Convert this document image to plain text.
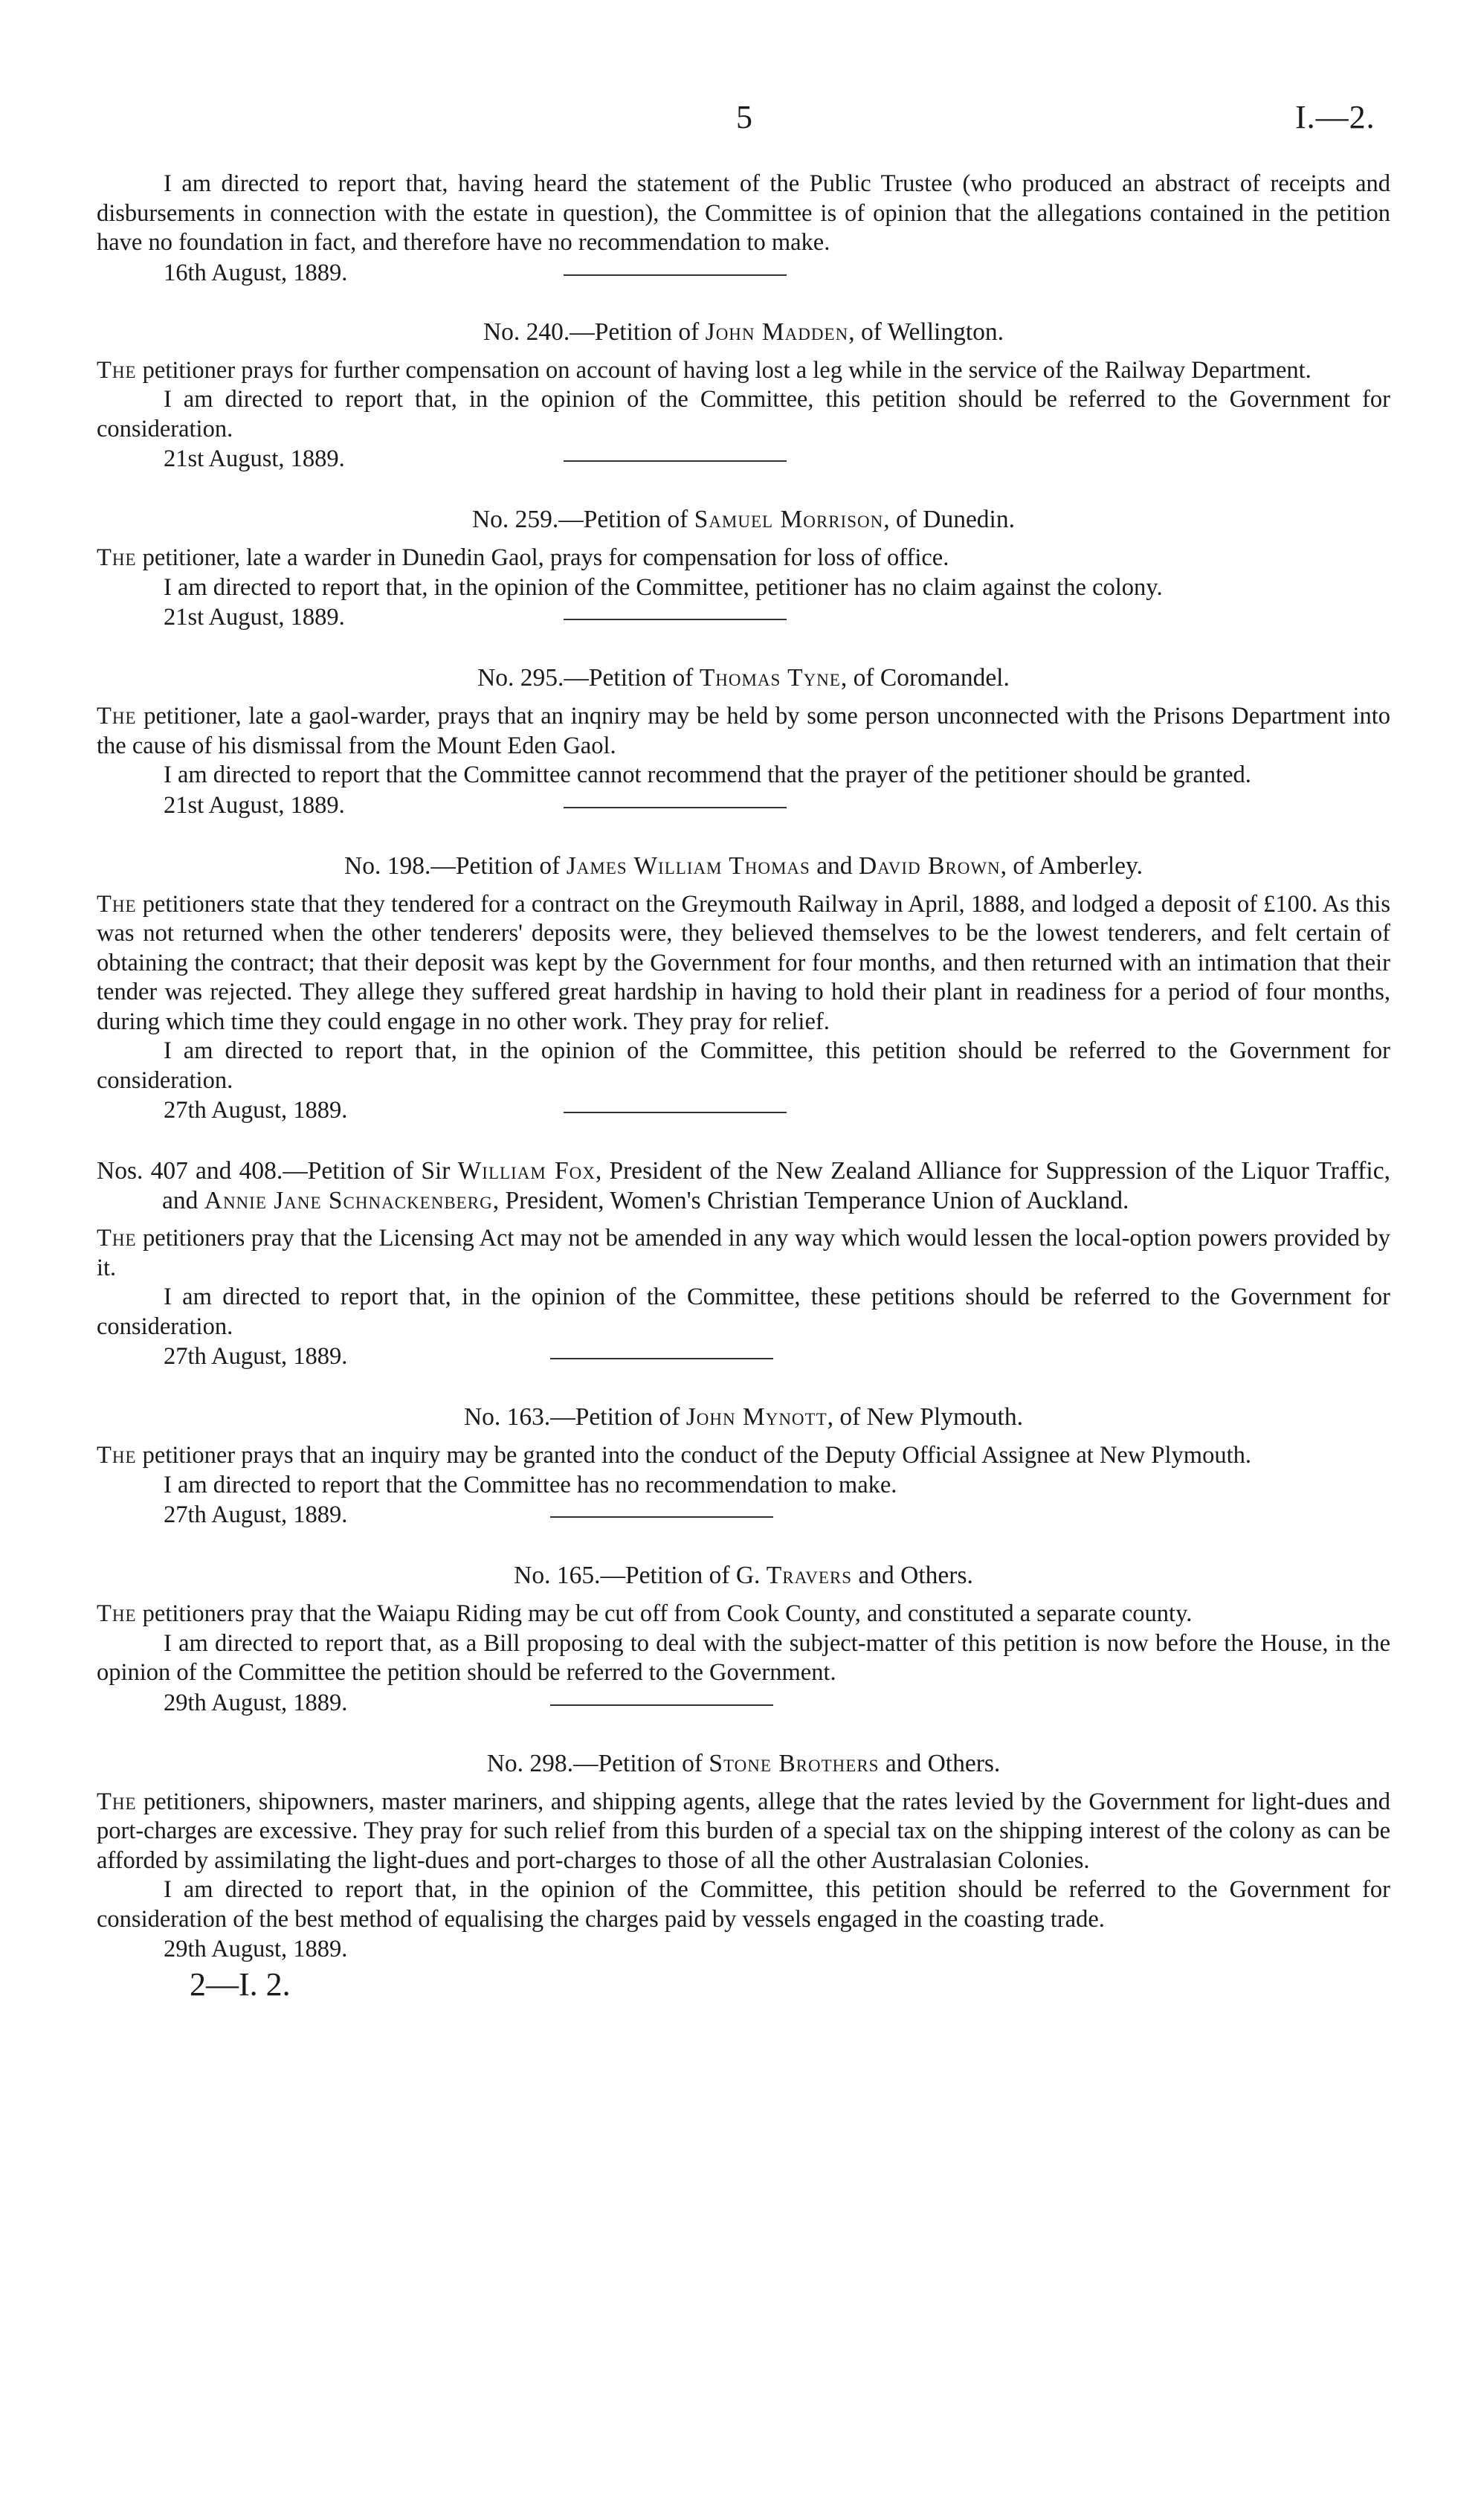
5	I.—2.

I am directed to report that, having heard the statement of the Public Trustee (who produced an abstract of receipts and disbursements in connection with the estate in question), the Committee is of opinion that the allegations contained in the petition have no foundation in fact, and therefore have no recommendation to make.

16th August, 1889.
No. 240.—Petition of John Madden, of Wellington.

The petitioner prays for further compensation on account of having lost a leg while in the service of the Railway Department.

I am directed to report that, in the opinion of the Committee, this petition should be referred to the Government for consideration.

21st August, 1889.
No. 259.—Petition of Samuel Morrison, of Dunedin.

The petitioner, late a warder in Dunedin Gaol, prays for compensation for loss of office.

I am directed to report that, in the opinion of the Committee, petitioner has no claim against the colony.

21st August, 1889.
No. 295.—Petition of Thomas Tyne, of Coromandel.

The petitioner, late a gaol-warder, prays that an inqniry may be held by some person unconnected with the Prisons Department into the cause of his dismissal from the Mount Eden Gaol.

I am directed to report that the Committee cannot recommend that the prayer of the petitioner should be granted.

21st August, 1889.
No. 198.—Petition of James William Thomas and David Brown, of Amberley.

The petitioners state that they tendered for a contract on the Greymouth Railway in April, 1888, and lodged a deposit of £100. As this was not returned when the other tenderers' deposits were, they believed themselves to be the lowest tenderers, and felt certain of obtaining the contract; that their deposit was kept by the Government for four months, and then returned with an intimation that their tender was rejected. They allege they suffered great hardship in having to hold their plant in readiness for a period of four months, during which time they could engage in no other work. They pray for relief.

I am directed to report that, in the opinion of the Committee, this petition should be referred to the Government for consideration.

27th August, 1889.
Nos. 407 and 408.—Petition of Sir William Fox, President of the New Zealand Alliance for Suppression of the Liquor Traffic, and Annie Jane Schnackenberg, President, Women's Christian Temperance Union of Auckland.

The petitioners pray that the Licensing Act may not be amended in any way which would lessen the local-option powers provided by it.

I am directed to report that, in the opinion of the Committee, these petitions should be referred to the Government for consideration.

27th August, 1889.
No. 163.—Petition of John Mynott, of New Plymouth.

The petitioner prays that an inquiry may be granted into the conduct of the Deputy Official Assignee at New Plymouth.

I am directed to report that the Committee has no recommendation to make.

27th August, 1889.
No. 165.—Petition of G. Travers and Others.

The petitioners pray that the Waiapu Riding may be cut off from Cook County, and constituted a separate county.

I am directed to report that, as a Bill proposing to deal with the subject-matter of this petition is now before the House, in the opinion of the Committee the petition should be referred to the Government.

29th August, 1889.
No. 298.—Petition of Stone Brothers and Others.

The petitioners, shipowners, master mariners, and shipping agents, allege that the rates levied by the Government for light-dues and port-charges are excessive. They pray for such relief from this burden of a special tax on the shipping interest of the colony as can be afforded by assimilating the light-dues and port-charges to those of all the other Australasian Colonies.

I am directed to report that, in the opinion of the Committee, this petition should be referred to the Government for consideration of the best method of equalising the charges paid by vessels engaged in the coasting trade.

29th August, 1889.
2—I. 2.
